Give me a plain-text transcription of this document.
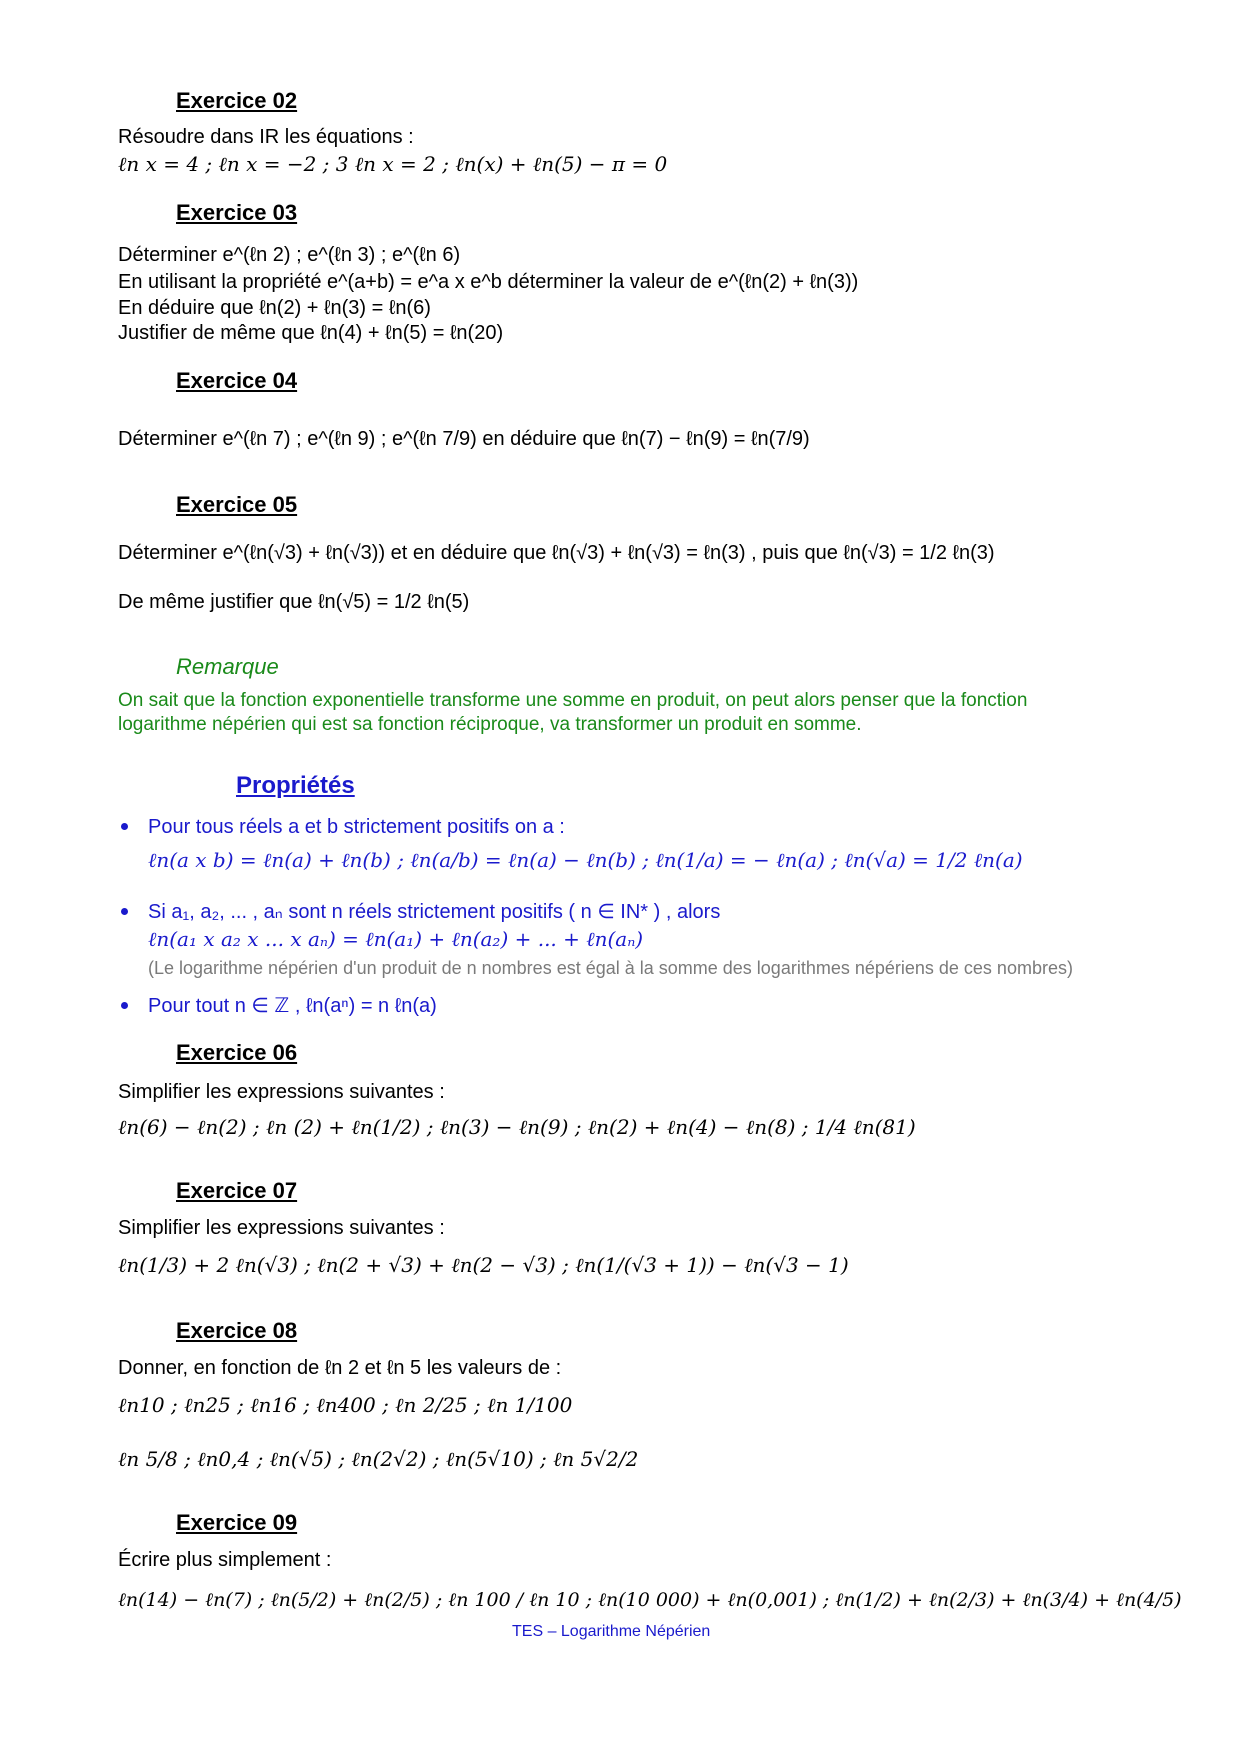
Exercice 02
Résoudre dans IR les équations :
ℓn x = 4 ; ℓn x = −2 ; 3 ℓn x = 2 ; ℓn(x) + ℓn(5) − π = 0
Exercice 03
Déterminer e^(ℓn 2) ; e^(ℓn 3) ; e^(ℓn 6)
En utilisant la propriété e^(a+b) = e^a x e^b déterminer la valeur de e^(ℓn(2) + ℓn(3))
En déduire que ℓn(2) + ℓn(3) = ℓn(6)
Justifier de même que ℓn(4) + ℓn(5) = ℓn(20)
Exercice 04
Déterminer e^(ℓn 7) ; e^(ℓn 9) ; e^(ℓn 7/9) en déduire que ℓn(7) − ℓn(9) = ℓn(7/9)
Exercice 05
Déterminer e^(ℓn(√3) + ℓn(√3)) et en déduire que ℓn(√3) + ℓn(√3) = ℓn(3) , puis que ℓn(√3) = 1/2 ℓn(3)
De même justifier que ℓn(√5) = 1/2 ℓn(5)
Remarque
On sait que la fonction exponentielle transforme une somme en produit, on peut alors penser que la fonction
logarithme népérien qui est sa fonction réciproque, va transformer un produit en somme.
Propriétés
Pour tous réels a et b strictement positifs on a :
ℓn(a x b) = ℓn(a) + ℓn(b) ; ℓn(a/b) = ℓn(a) − ℓn(b) ; ℓn(1/a) = − ℓn(a) ; ℓn(√a) = 1/2 ℓn(a)
Si a₁, a₂, ... , aₙ sont n réels strictement positifs ( n ∈ IN* ) , alors
ℓn(a₁ x a₂ x ... x aₙ) = ℓn(a₁) + ℓn(a₂) + ... + ℓn(aₙ)
(Le logarithme népérien d'un produit de n nombres est égal à la somme des logarithmes népériens de ces nombres)
Pour tout n ∈ ℤ , ℓn(aⁿ) = n ℓn(a)
Exercice 06
Simplifier les expressions suivantes :
ℓn(6) − ℓn(2) ; ℓn (2) + ℓn(1/2) ; ℓn(3) − ℓn(9) ; ℓn(2) + ℓn(4) − ℓn(8) ; 1/4 ℓn(81)
Exercice 07
Simplifier les expressions suivantes :
ℓn(1/3) + 2 ℓn(√3) ; ℓn(2 + √3) + ℓn(2 − √3) ; ℓn(1/(√3 + 1)) − ℓn(√3 − 1)
Exercice 08
Donner, en fonction de ℓn 2 et ℓn 5 les valeurs de :
ℓn10 ; ℓn25 ; ℓn16 ; ℓn400 ; ℓn 2/25 ; ℓn 1/100
ℓn 5/8 ; ℓn0,4 ; ℓn(√5) ; ℓn(2√2) ; ℓn(5√10) ; ℓn 5√2/2
Exercice 09
Écrire plus simplement :
ℓn(14) − ℓn(7) ; ℓn(5/2) + ℓn(2/5) ; ℓn 100 / ℓn 10 ; ℓn(10 000) + ℓn(0,001) ; ℓn(1/2) + ℓn(2/3) + ℓn(3/4) + ℓn(4/5)
TES – Logarithme Népérien
